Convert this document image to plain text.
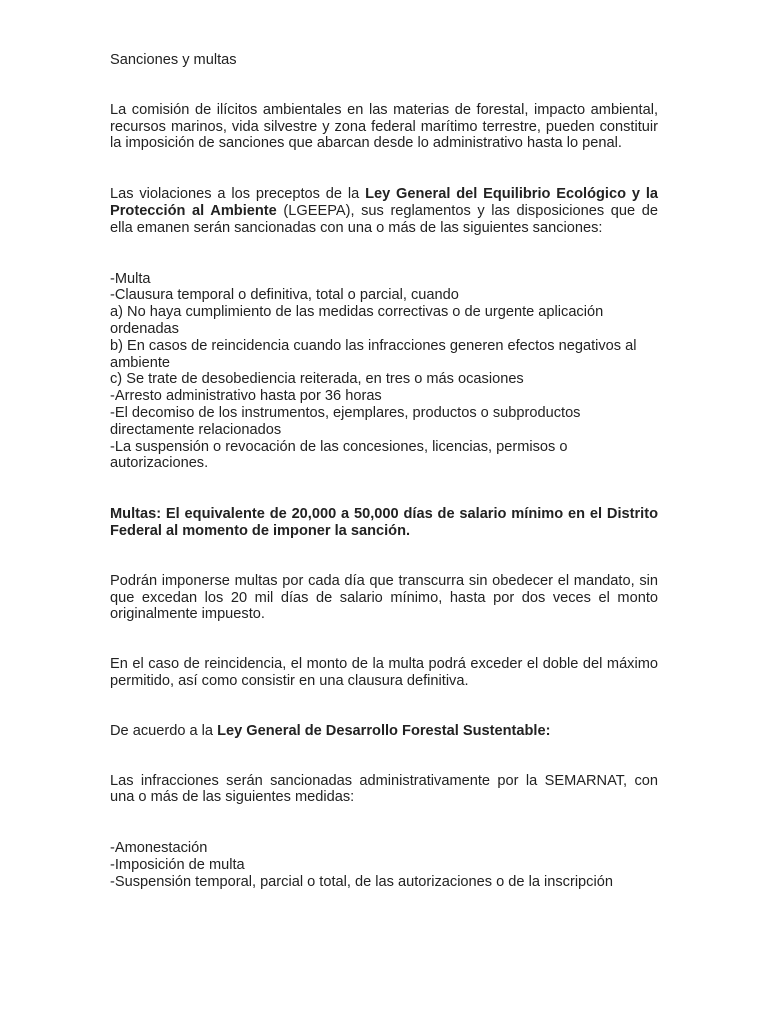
Sanciones y multas

La comisión de ilícitos ambientales en las materias de forestal, impacto ambiental, recursos marinos, vida silvestre y zona federal marítimo terrestre, pueden constituir la imposición de sanciones que abarcan desde lo administrativo hasta lo penal.

Las violaciones a los preceptos de la Ley General del Equilibrio Ecológico y la Protección al Ambiente (LGEEPA), sus reglamentos y las disposiciones que de ella emanen serán sancionadas con una o más de las siguientes sanciones:

-Multa
-Clausura temporal o definitiva, total o parcial, cuando
a) No haya cumplimiento de las medidas correctivas o de urgente aplicación ordenadas
b) En casos de reincidencia cuando las infracciones generen efectos negativos al ambiente
c) Se trate de desobediencia reiterada, en tres o más ocasiones
-Arresto administrativo hasta por 36 horas
-El decomiso de los instrumentos, ejemplares, productos o subproductos directamente relacionados
-La suspensión o revocación de las concesiones, licencias, permisos o autorizaciones.

Multas: El equivalente de 20,000 a 50,000 días de salario mínimo en el Distrito Federal al momento de imponer la sanción.

Podrán imponerse multas por cada día que transcurra sin obedecer el mandato, sin que excedan los 20 mil días de salario mínimo, hasta por dos veces el monto originalmente impuesto.

En el caso de reincidencia, el monto de la multa podrá exceder el doble del máximo permitido, así como consistir en una clausura definitiva.

De acuerdo a la Ley General de Desarrollo Forestal Sustentable:

Las infracciones serán sancionadas administrativamente por la SEMARNAT, con una o más de las siguientes medidas:

-Amonestación
-Imposición de multa
-Suspensión temporal, parcial o total, de las autorizaciones o de la inscripción
